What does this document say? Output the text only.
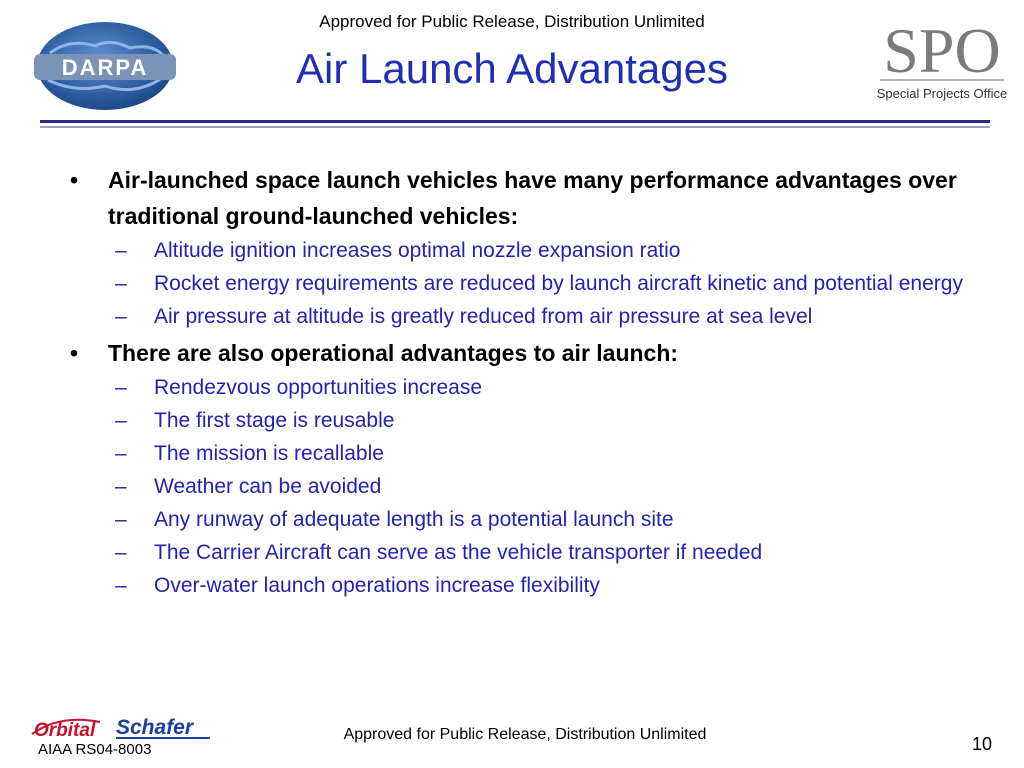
Approved for Public Release, Distribution Unlimited
Air Launch Advantages
DARPA	SPO
Special Projects Office
• Air-launched space launch vehicles have many performance advantages over traditional ground-launched vehicles:
– Altitude ignition increases optimal nozzle expansion ratio
– Rocket energy requirements are reduced by launch aircraft kinetic and potential energy
– Air pressure at altitude is greatly reduced from air pressure at sea level
• There are also operational advantages to air launch:
– Rendezvous opportunities increase
– The first stage is reusable
– The mission is recallable
– Weather can be avoided
– Any runway of adequate length is a potential launch site
– The Carrier Aircraft can serve as the vehicle transporter if needed
– Over-water launch operations increase flexibility
Orbital Schafer
AIAA RS04-8003
Approved for Public Release, Distribution Unlimited	10
